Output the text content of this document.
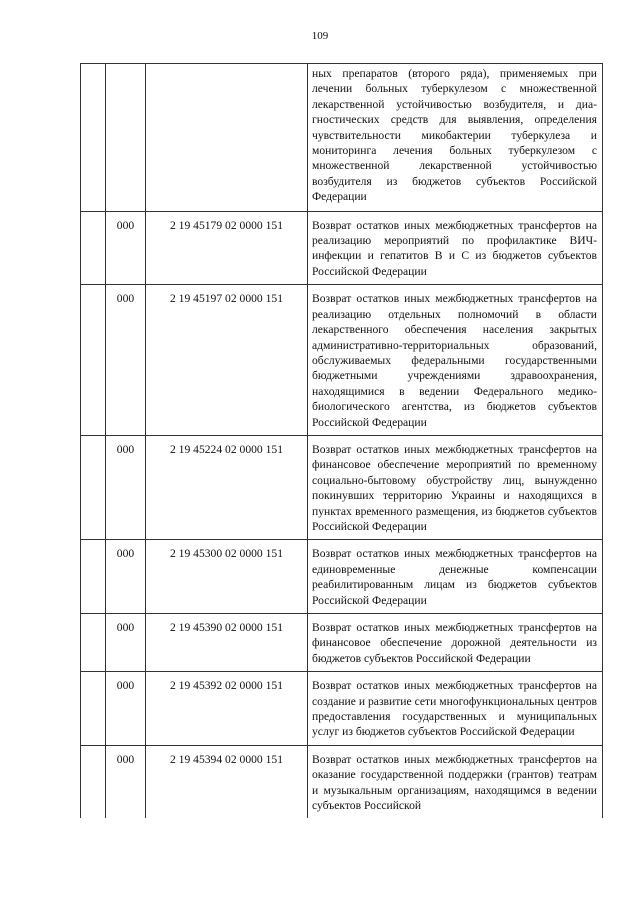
109
			ных препаратов (второго ряда), применяемых при лечении больных туберкулезом с множественной лекарственной устойчивостью возбудителя, и диагностических средств для выявления, определения чувствительности микобактерии туберкулеза и мониторинга лечения больных туберкулезом с множественной лекарственной устойчивостью возбудителя из бюджетов субъектов Российской Федерации
	000	2 19 45179 02 0000 151	Возврат остатков иных межбюджетных трансфертов на реализацию мероприятий по профилактике ВИЧ-инфекции и гепатитов В и С из бюджетов субъектов Российской Федерации
	000	2 19 45197 02 0000 151	Возврат остатков иных межбюджетных трансфертов на реализацию отдельных полномочий в области лекарственного обеспечения населения закрытых административно-территориальных образований, обслуживаемых федеральными государственными бюджетными учреждениями здравоохранения, находящимися в ведении Федерального медико-биологического агентства, из бюджетов субъектов Российской Федерации
	000	2 19 45224 02 0000 151	Возврат остатков иных межбюджетных трансфертов на финансовое обеспечение мероприятий по временному социально-бытовому обустройству лиц, вынужденно покинувших территорию Украины и находящихся в пунктах временного размещения, из бюджетов субъектов Российской Федерации
	000	2 19 45300 02 0000 151	Возврат остатков иных межбюджетных трансфертов на единовременные денежные компенсации реабилитированным лицам из бюджетов субъектов Российской Федерации
	000	2 19 45390 02 0000 151	Возврат остатков иных межбюджетных трансфертов на финансовое обеспечение дорожной деятельности из бюджетов субъектов Российской Федерации
	000	2 19 45392 02 0000 151	Возврат остатков иных межбюджетных трансфертов на создание и развитие сети многофункциональных центров предоставления государственных и муниципальных услуг из бюджетов субъектов Российской Федерации
	000	2 19 45394 02 0000 151	Возврат остатков иных межбюджетных трансфертов на оказание государственной поддержки (грантов) театрам и музыкальным организациям, находящимся в ведении субъектов Российской
